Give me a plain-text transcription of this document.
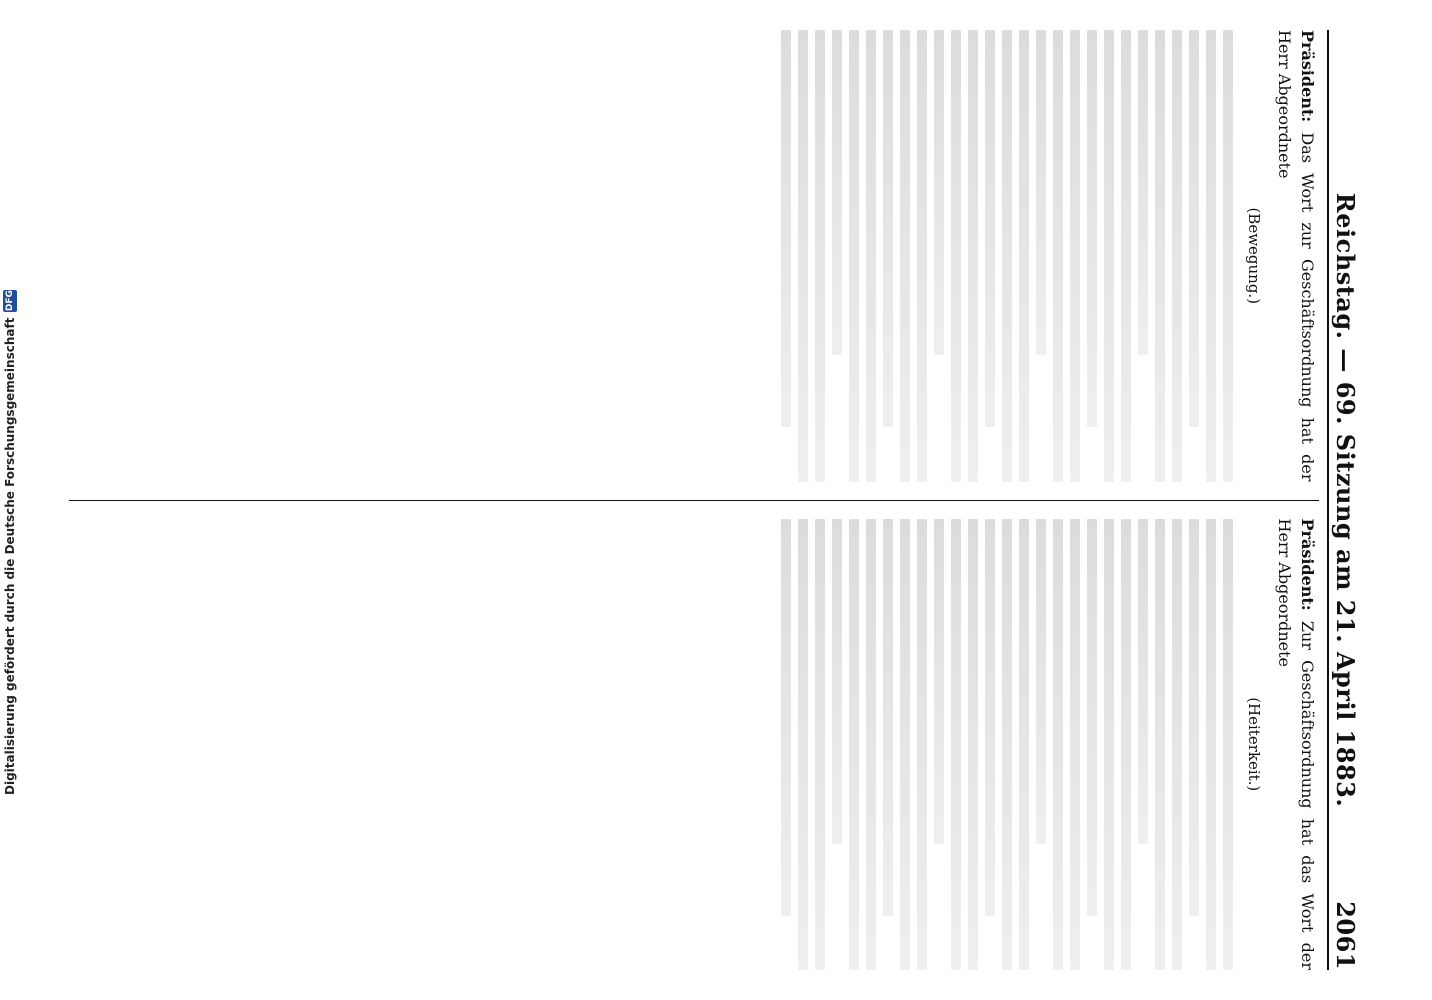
Digitalisierung gefördert durch die Deutsche Forschungsgemeinschaft
DFG	Reichstag. — 69. Sitzung am 21. April 1883.
2061

Präsident: Das Wort zur Geschäftsordnung hat der Herr Abgeordnete

(Bewegung.)

Präsident: Zur Geschäftsordnung hat das Wort der Herr Abgeordnete

(Heiterkeit.)
